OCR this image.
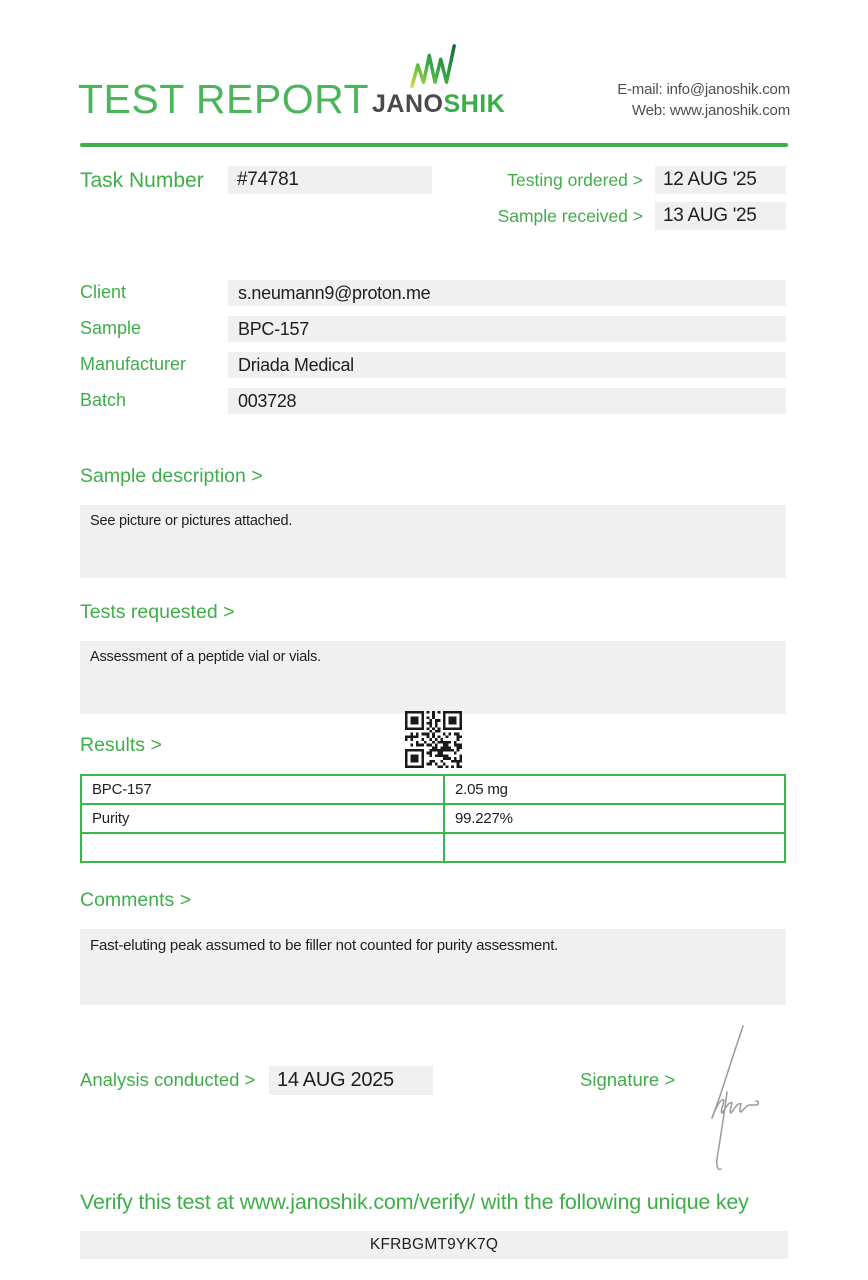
TEST REPORT JANOSHIK
E-mail: info@janoshik.com
Web: www.janoshik.com
Task Number	#74781	Testing ordered >	12 AUG '25
Sample received >	13 AUG '25
Client	s.neumann9@proton.me
Sample	BPC-157
Manufacturer	Driada Medical
Batch	003728
Sample description >
See picture or pictures attached.
Tests requested >
Assessment of a peptide vial or vials.
Results >
BPC-157	2.05 mg
Purity	99.227%

Comments >
Fast-eluting peak assumed to be filler not counted for purity assessment.
Analysis conducted >	14 AUG 2025	Signature >
Verify this test at www.janoshik.com/verify/ with the following unique key
KFRBGMT9YK7Q
